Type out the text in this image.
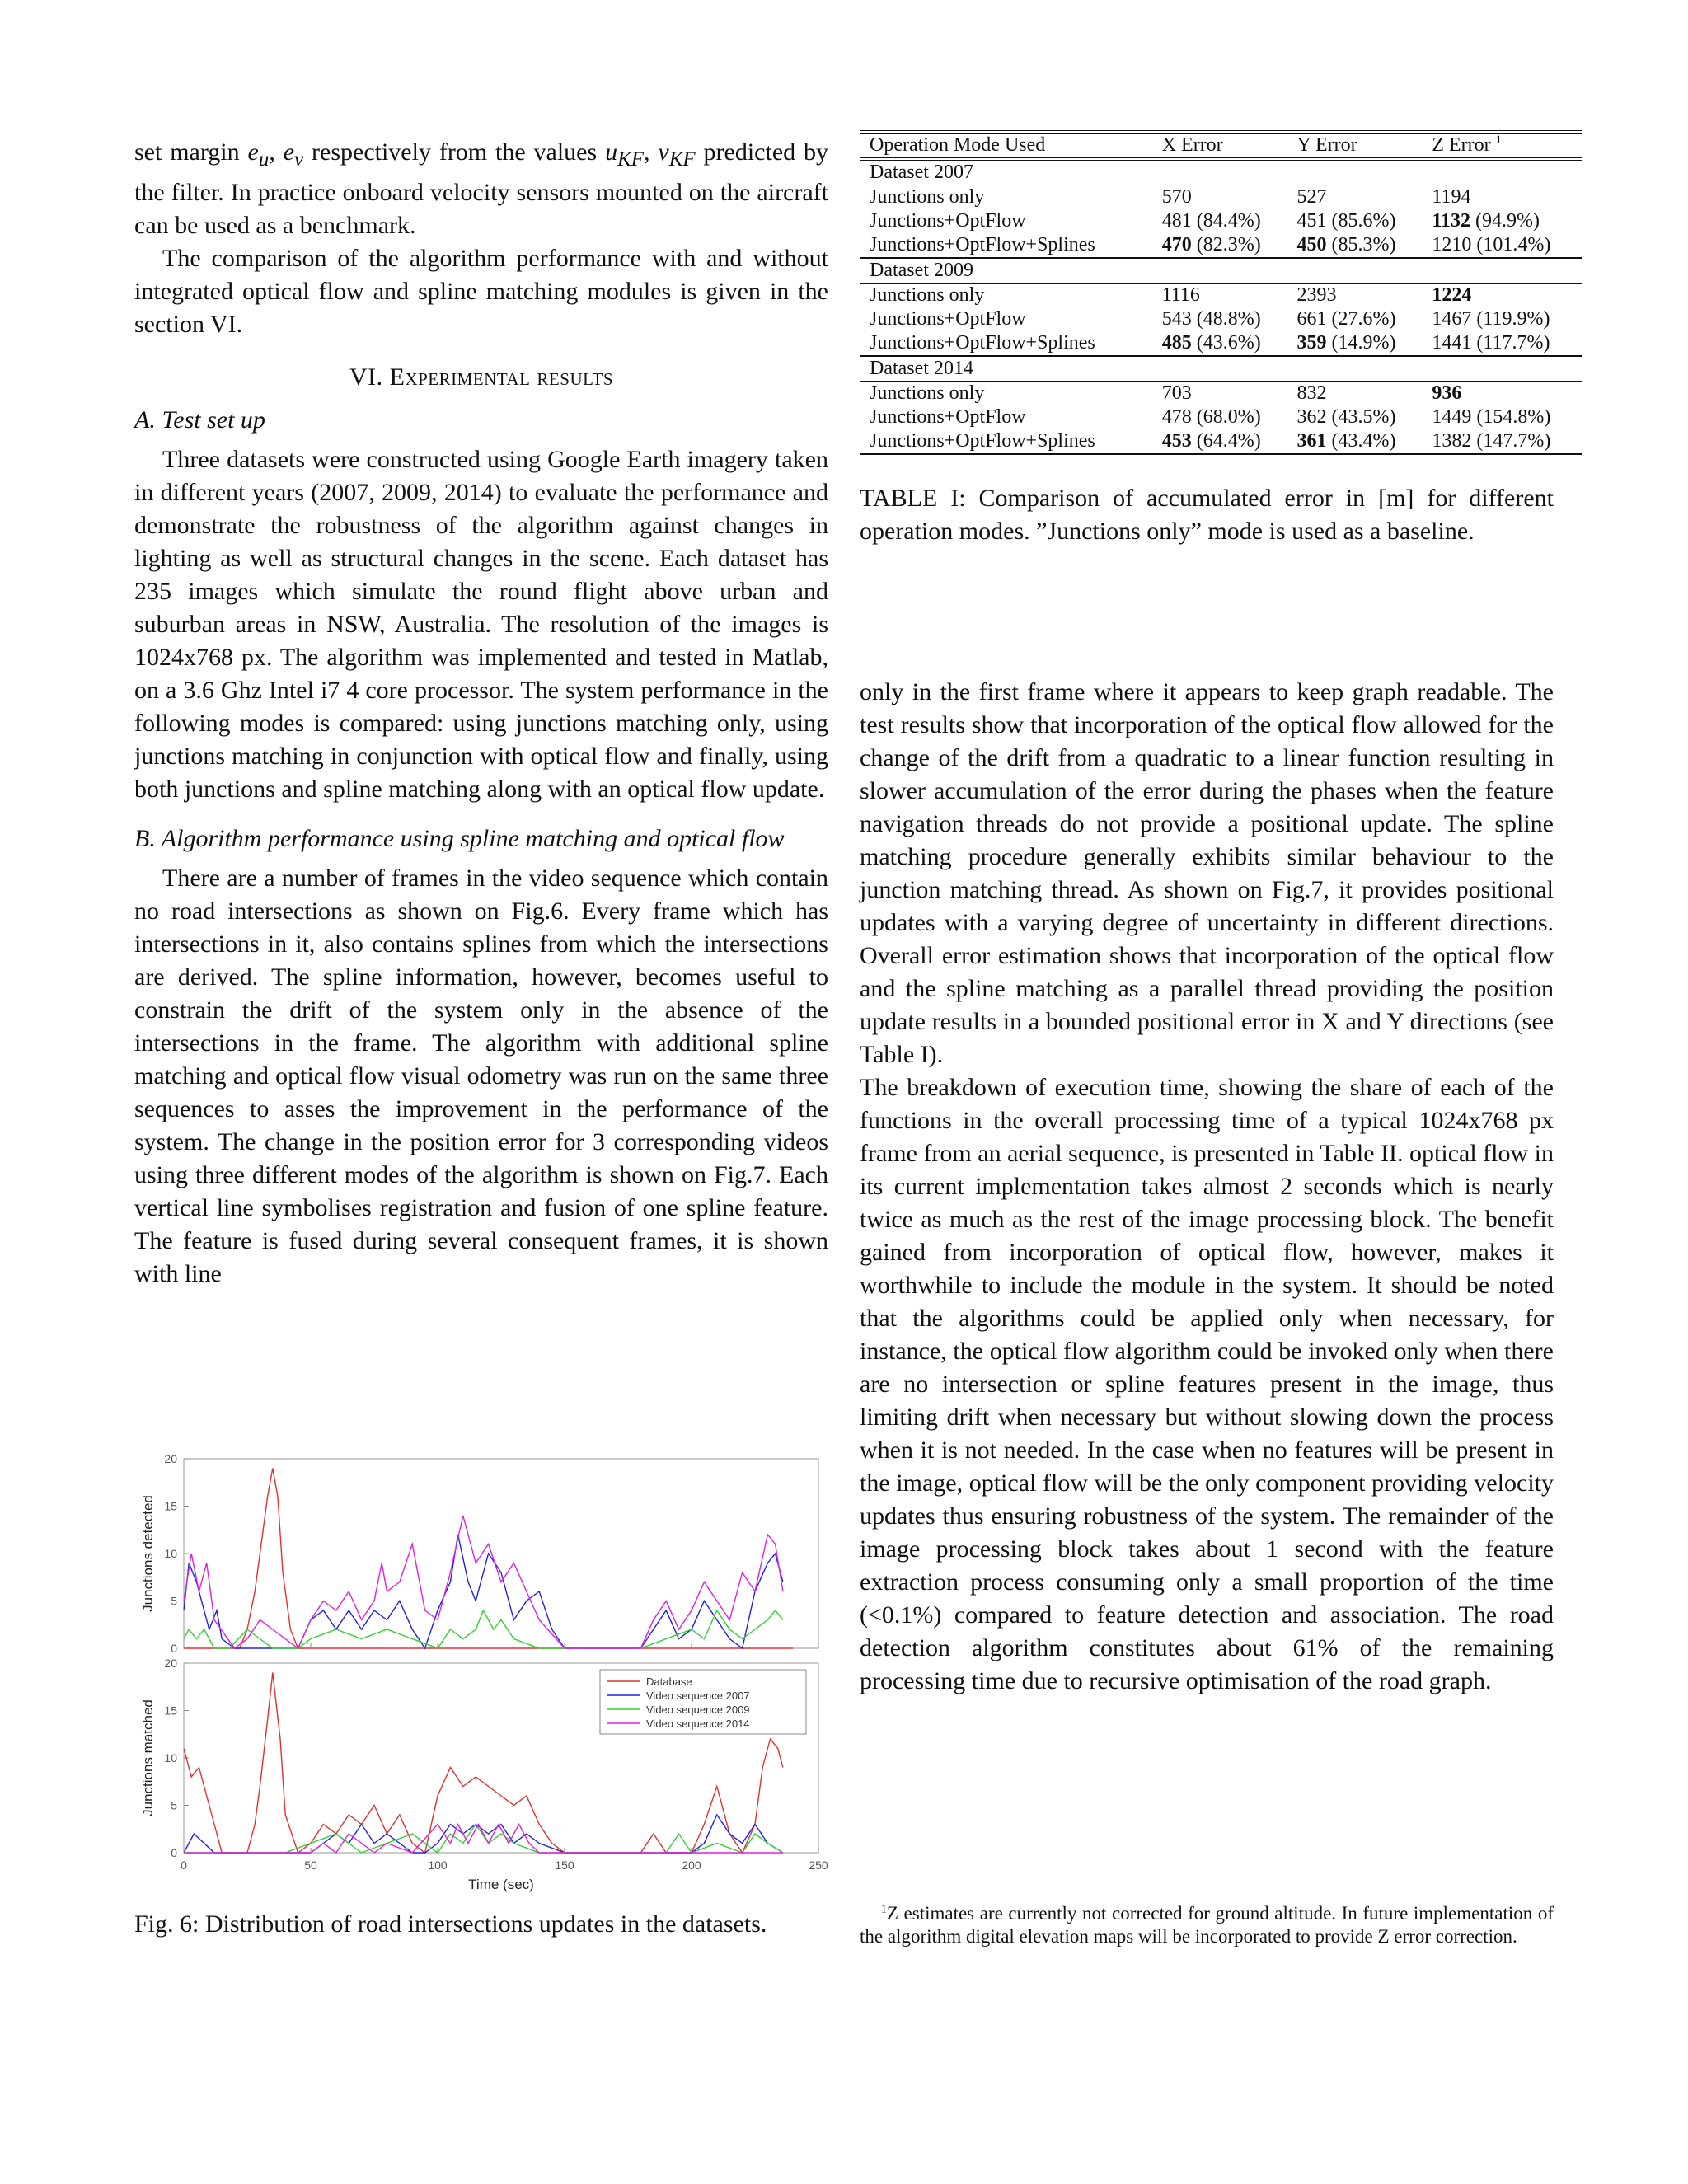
set margin $e_u$, $e_v$ respectively from the values $u_{KF}$, $v_{KF}$ predicted by the filter. In practice onboard velocity sensors mounted on the aircraft can be used as a benchmark.

The comparison of the algorithm performance with and without integrated optical flow and spline matching modules is given in the section VI.

VI. Experimental results
A. Test set up

Three datasets were constructed using Google Earth imagery taken in different years (2007, 2009, 2014) to evaluate the performance and demonstrate the robustness of the algorithm against changes in lighting as well as structural changes in the scene. Each dataset has 235 images which simulate the round flight above urban and suburban areas in NSW, Australia. The resolution of the images is 1024x768 px. The algorithm was implemented and tested in Matlab, on a 3.6 Ghz Intel i7 4 core processor. The system performance in the following modes is compared: using junctions matching only, using junctions matching in conjunction with optical flow and finally, using both junctions and spline matching along with an optical flow update.

B. Algorithm performance using spline matching and optical flow

There are a number of frames in the video sequence which contain no road intersections as shown on Fig.6. Every frame which has intersections in it, also contains splines from which the intersections are derived. The spline information, however, becomes useful to constrain the drift of the system only in the absence of the intersections in the frame. The algorithm with additional spline matching and optical flow visual odometry was run on the same three sequences to asses the improvement in the performance of the system. The change in the position error for 3 corresponding videos using three different modes of the algorithm is shown on Fig.7. Each vertical line symbolises registration and fusion of one spline feature. The feature is fused during several consequent frames, it is shown with line

Operation Mode Used	X Error	Y Error	Z Error $^1$
Dataset 2007			
Junctions only	570	527	1194
Junctions+OptFlow	481 (84.4%)	451 (85.6%)	1132 (94.9%)
Junctions+OptFlow+Splines	470 (82.3%)	450 (85.3%)	1210 (101.4%)
Dataset 2009			
Junctions only	1116	2393	1224
Junctions+OptFlow	543 (48.8%)	661 (27.6%)	1467 (119.9%)
Junctions+OptFlow+Splines	485 (43.6%)	359 (14.9%)	1441 (117.7%)
Dataset 2014			
Junctions only	703	832	936
Junctions+OptFlow	478 (68.0%)	362 (43.5%)	1449 (154.8%)
Junctions+OptFlow+Splines	453 (64.4%)	361 (43.4%)	1382 (147.7%)
TABLE I: Comparison of accumulated error in [m] for different operation modes. ”Junctions only” mode is used as a baseline.

only in the first frame where it appears to keep graph readable. The test results show that incorporation of the optical flow allowed for the change of the drift from a quadratic to a linear function resulting in slower accumulation of the error during the phases when the feature navigation threads do not provide a positional update. The spline matching procedure generally exhibits similar behaviour to the junction matching thread. As shown on Fig.7, it provides positional updates with a varying degree of uncertainty in different directions. Overall error estimation shows that incorporation of the optical flow and the spline matching as a parallel thread providing the position update results in a bounded positional error in X and Y directions (see Table I).

The breakdown of execution time, showing the share of each of the functions in the overall processing time of a typical 1024x768 px frame from an aerial sequence, is presented in Table II. optical flow in its current implementation takes almost 2 seconds which is nearly twice as much as the rest of the image processing block. The benefit gained from incorporation of optical flow, however, makes it worthwhile to include the module in the system. It should be noted that the algorithms could be applied only when necessary, for instance, the optical flow algorithm could be invoked only when there are no intersection or spline features present in the image, thus limiting drift when necessary but without slowing down the process when it is not needed. In the case when no features will be present in the image, optical flow will be the only component providing velocity updates thus ensuring robustness of the system. The remainder of the image processing block takes about 1 second with the feature extraction process consuming only a small proportion of the time (<0.1%) compared to feature detection and association. The road detection algorithm constitutes about 61% of the remaining processing time due to recursive optimisation of the road graph.

0
5
10
15
20
Junctions detected
0
5
10
15
20
Junctions matched
Database
Video sequence 2007
Video sequence 2009
Video sequence 2014
0	50	100	150	200	250
Time (sec)
Fig. 6: Distribution of road intersections updates in the datasets.

$^1$Z estimates are currently not corrected for ground altitude. In future implementation of the algorithm digital elevation maps will be incorporated to provide Z error correction.
